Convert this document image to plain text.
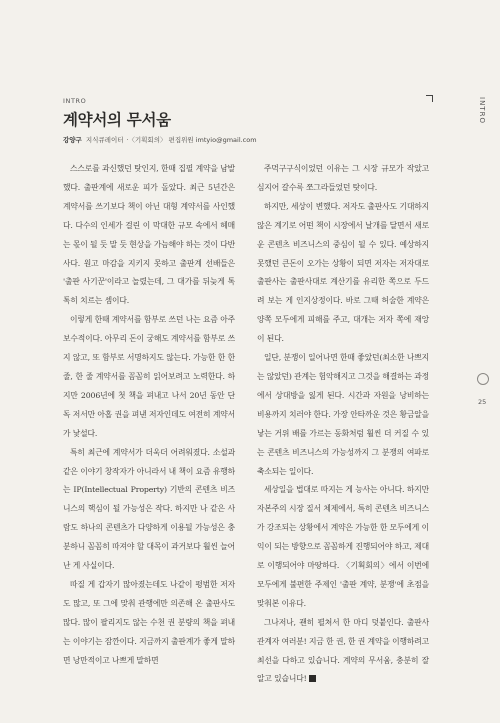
INTRO
계약서의 무서움
강양구 지식큐레이터 · 〈기획회의〉 편집위원 imtyio@gmail.com

스스로를 과신했던 탓인지, 한때 집필 계약을 남발했다. 출판계에 새로운 피가 돌았다. 최근 5년간은 계약서를 쓰기보다 책이 아닌 대형 계약서를 사인했다. 다수의 인세가 걸린 이 막대한 규모 속에서 헤매는 몫이 될 듯 말 듯 현상을 가늠해야 하는 것이 다반사다. 원고 마감을 지키지 못하고 출판계 선배들은 '출판 사기꾼'이라고 놀렸는데, 그 대가를 뒤늦게 톡톡히 치르는 셈이다.

이렇게 한때 계약서를 함부로 쓰던 나는 요즘 아주 보수적이다. 아무리 돈이 궁해도 계약서를 함부로 쓰지 않고, 또 함부로 서명하지도 않는다. 가능한 한 한 줄, 한 줄 계약서를 꼼꼼히 읽어보려고 노력한다. 하지만 2006년에 첫 책을 펴내고 나서 20년 동안 단독 저서만 아홉 권을 펴낸 저자인데도 여전히 계약서가 낯설다.

특히 최근에 계약서가 더욱더 어려워졌다. 소설과 같은 이야기 창작자가 아니라서 내 책이 요즘 유행하는 IP(Intellectual Property) 기반의 콘텐츠 비즈니스의 핵심이 될 가능성은 작다. 하지만 나 같은 사람도 하나의 콘텐츠가 다양하게 이용될 가능성은 충분하니 꼼꼼히 따져야 할 대목이 과거보다 훨씬 늘어난 게 사실이다.

따질 게 갑자기 많아졌는데도 나같이 평범한 저자도 많고, 또 그에 맞춰 관행에만 의존해 온 출판사도 많다. 많이 팔리지도 않는 수천 권 분량의 책을 펴내는 이야기는 잠깐이다. 지금까지 출판계가 좋게 말하면 낭만적이고 나쁘게 말하면

주먹구구식이었던 이유는 그 시장 규모가 작았고 심지어 갈수록 쪼그라들었던 탓이다.

하지만, 세상이 변했다. 저자도 출판사도 기대하지 않은 계기로 어떤 책이 시장에서 날개를 달면서 새로운 콘텐츠 비즈니스의 중심이 될 수 있다. 예상하지 못했던 큰돈이 오가는 상황이 되면 저자는 저자대로 출판사는 출판사대로 계산기를 유리한 쪽으로 두드려 보는 게 인지상정이다. 바로 그때 허술한 계약은 양쪽 모두에게 피해를 주고, 대개는 저자 쪽에 재앙이 된다.

일단, 분쟁이 일어나면 한때 좋았던(최소한 나쁘지는 않았던) 관계는 험악해지고 그것을 해결하는 과정에서 상대방을 잃게 된다. 시간과 자원을 낭비하는 비용까지 치러야 한다. 가장 안타까운 것은 황금알을 낳는 거위 배를 가르는 동화처럼 훨씬 더 커질 수 있는 콘텐츠 비즈니스의 가능성까지 그 분쟁의 여파로 축소되는 일이다.

세상일을 법대로 따지는 게 능사는 아니다. 하지만 자본주의 시장 질서 체제에서, 특히 콘텐츠 비즈니스가 강조되는 상황에서 계약은 가능한 한 모두에게 이익이 되는 방향으로 꼼꼼하게 진행되어야 하고, 제대로 이행되어야 마땅하다. 〈기획회의〉에서 이번에 모두에게 불편한 주제인 '출판 계약, 분쟁'에 초점을 맞춰본 이유다.

그나저나, 괜히 펼쳐서 한 마디 덧붙인다. 출판사 관계자 여러분! 지금 한 권, 한 권 계약을 이행하려고 최선을 다하고 있습니다. 계약의 무서움, 충분히 잘 알고 있습니다!

INTRO
25
